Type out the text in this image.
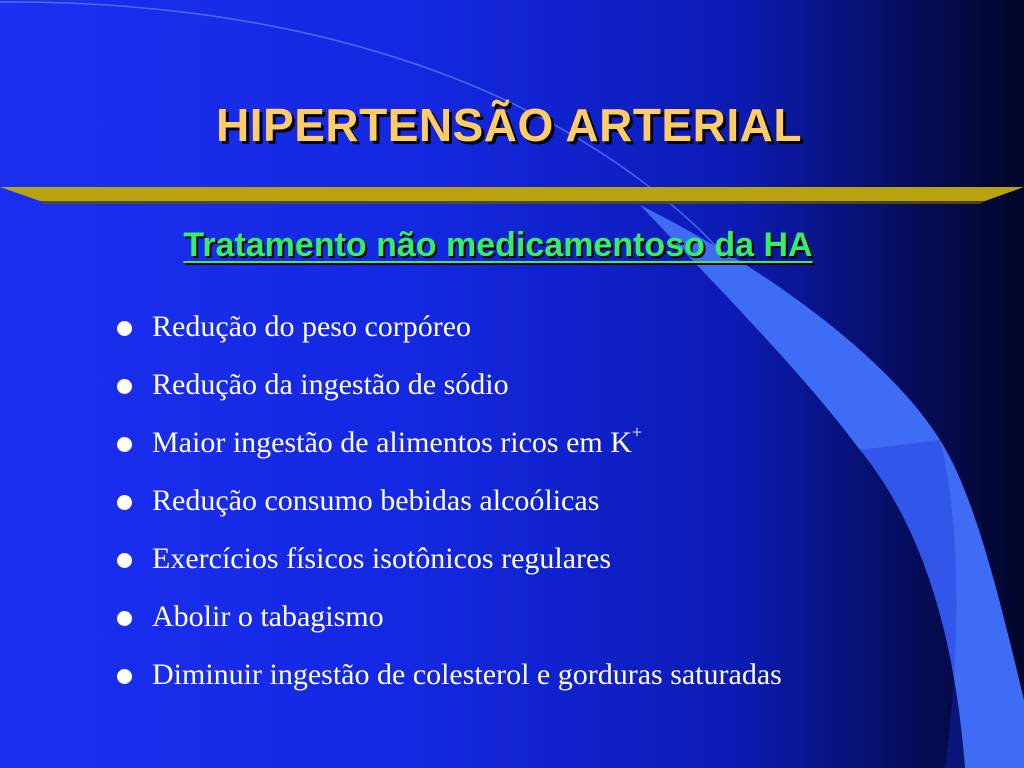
HIPERTENSÃO ARTERIAL
Tratamento não medicamentoso da HA
Redução do peso corpóreo
Redução da ingestão de sódio
Maior ingestão de alimentos ricos em K+
Redução consumo bebidas alcoólicas
Exercícios físicos isotônicos regulares
Abolir o tabagismo
Diminuir ingestão de colesterol e gorduras saturadas
